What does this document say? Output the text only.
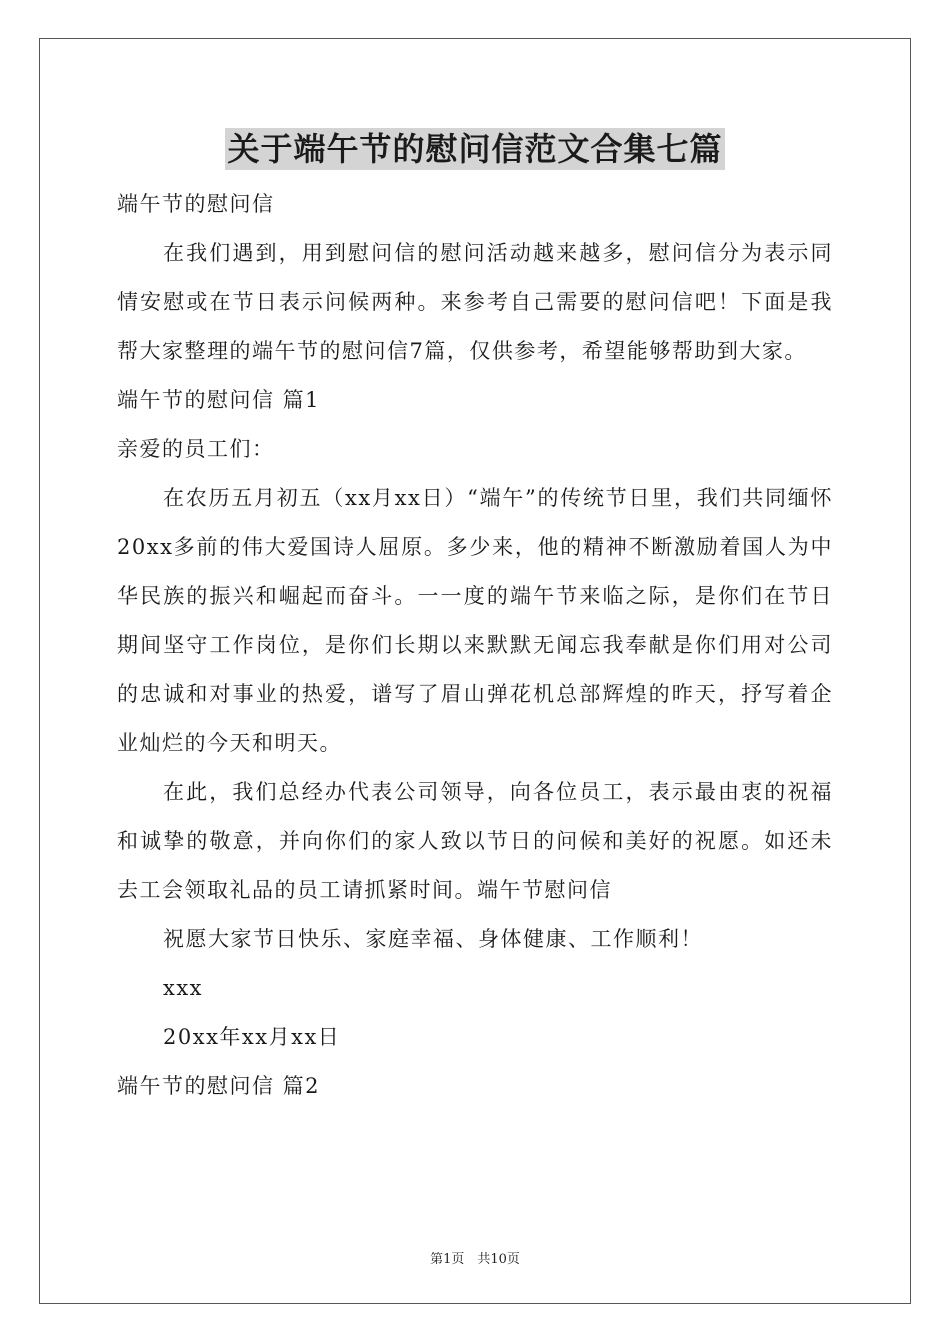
关于端午节的慰问信范文合集七篇

端午节的慰问信

在我们遇到，用到慰问信的慰问活动越来越多，慰问信分为表示同情安慰或在节日表示问候两种。来参考自己需要的慰问信吧！下面是我帮大家整理的端午节的慰问信7篇，仅供参考，希望能够帮助到大家。

端午节的慰问信 篇1

亲爱的员工们：

在农历五月初五（xx月xx日）“端午”的传统节日里，我们共同缅怀20xx多前的伟大爱国诗人屈原。多少来，他的精神不断激励着国人为中华民族的振兴和崛起而奋斗。一一度的端午节来临之际，是你们在节日期间坚守工作岗位，是你们长期以来默默无闻忘我奉献是你们用对公司的忠诚和对事业的热爱，谱写了眉山弹花机总部辉煌的昨天，抒写着企业灿烂的今天和明天。

在此，我们总经办代表公司领导，向各位员工，表示最由衷的祝福和诚挚的敬意，并向你们的家人致以节日的问候和美好的祝愿。如还未去工会领取礼品的员工请抓紧时间。端午节慰问信

祝愿大家节日快乐、家庭幸福、身体健康、工作顺利！

xxx

20xx年xx月xx日

端午节的慰问信 篇2

第1页　共10页
